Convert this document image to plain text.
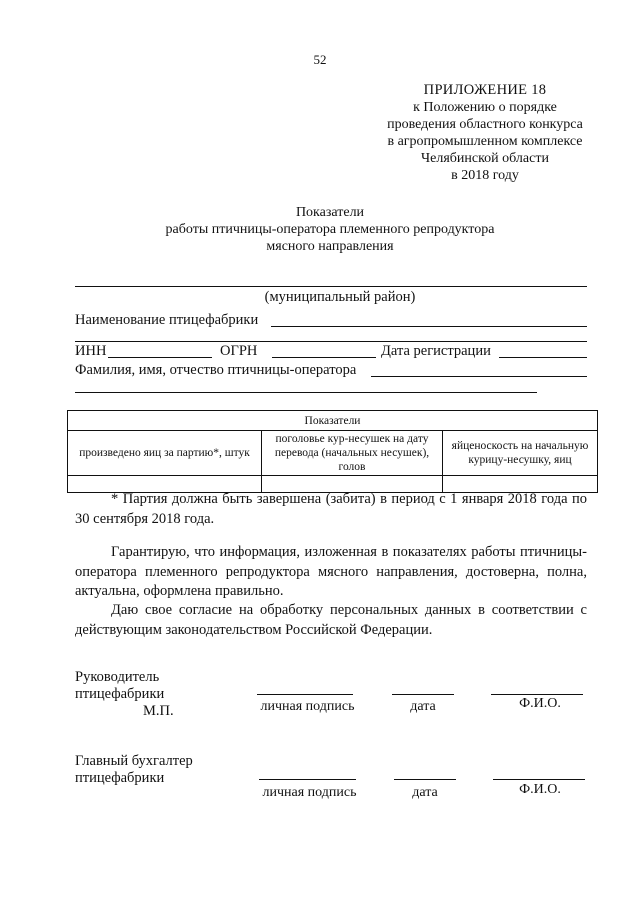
52
ПРИЛОЖЕНИЕ 18
к Положению о порядке
проведения областного конкурса
в агропромышленном комплексе
Челябинской области
в 2018 году
Показатели
работы птичницы-оператора племенного репродуктора
мясного направления
(муниципальный район)
Наименование птицефабрики
ИНН	ОГРН	Дата регистрации
Фамилия, имя, отчество птичницы-оператора
Показатели		
произведено яиц за партию*, штук	поголовье кур-несушек на дату перевода (начальных несушек), голов	яйценоскость на начальную курицу-несушку, яиц

* Партия должна быть завершена (забита) в период с 1 января 2018 года по 30 сентября 2018 года.
Гарантирую, что информация, изложенная в показателях работы птичницы-оператора племенного репродуктора мясного направления, достоверна, полна, актуальна, оформлена правильно.
Даю свое согласие на обработку персональных данных в соответствии с действующим законодательством Российской Федерации.
Руководитель
птицефабрики
М.П.	личная подпись	дата	Ф.И.О.
Главный бухгалтер
птицефабрики
личная подпись	дата	Ф.И.О.
